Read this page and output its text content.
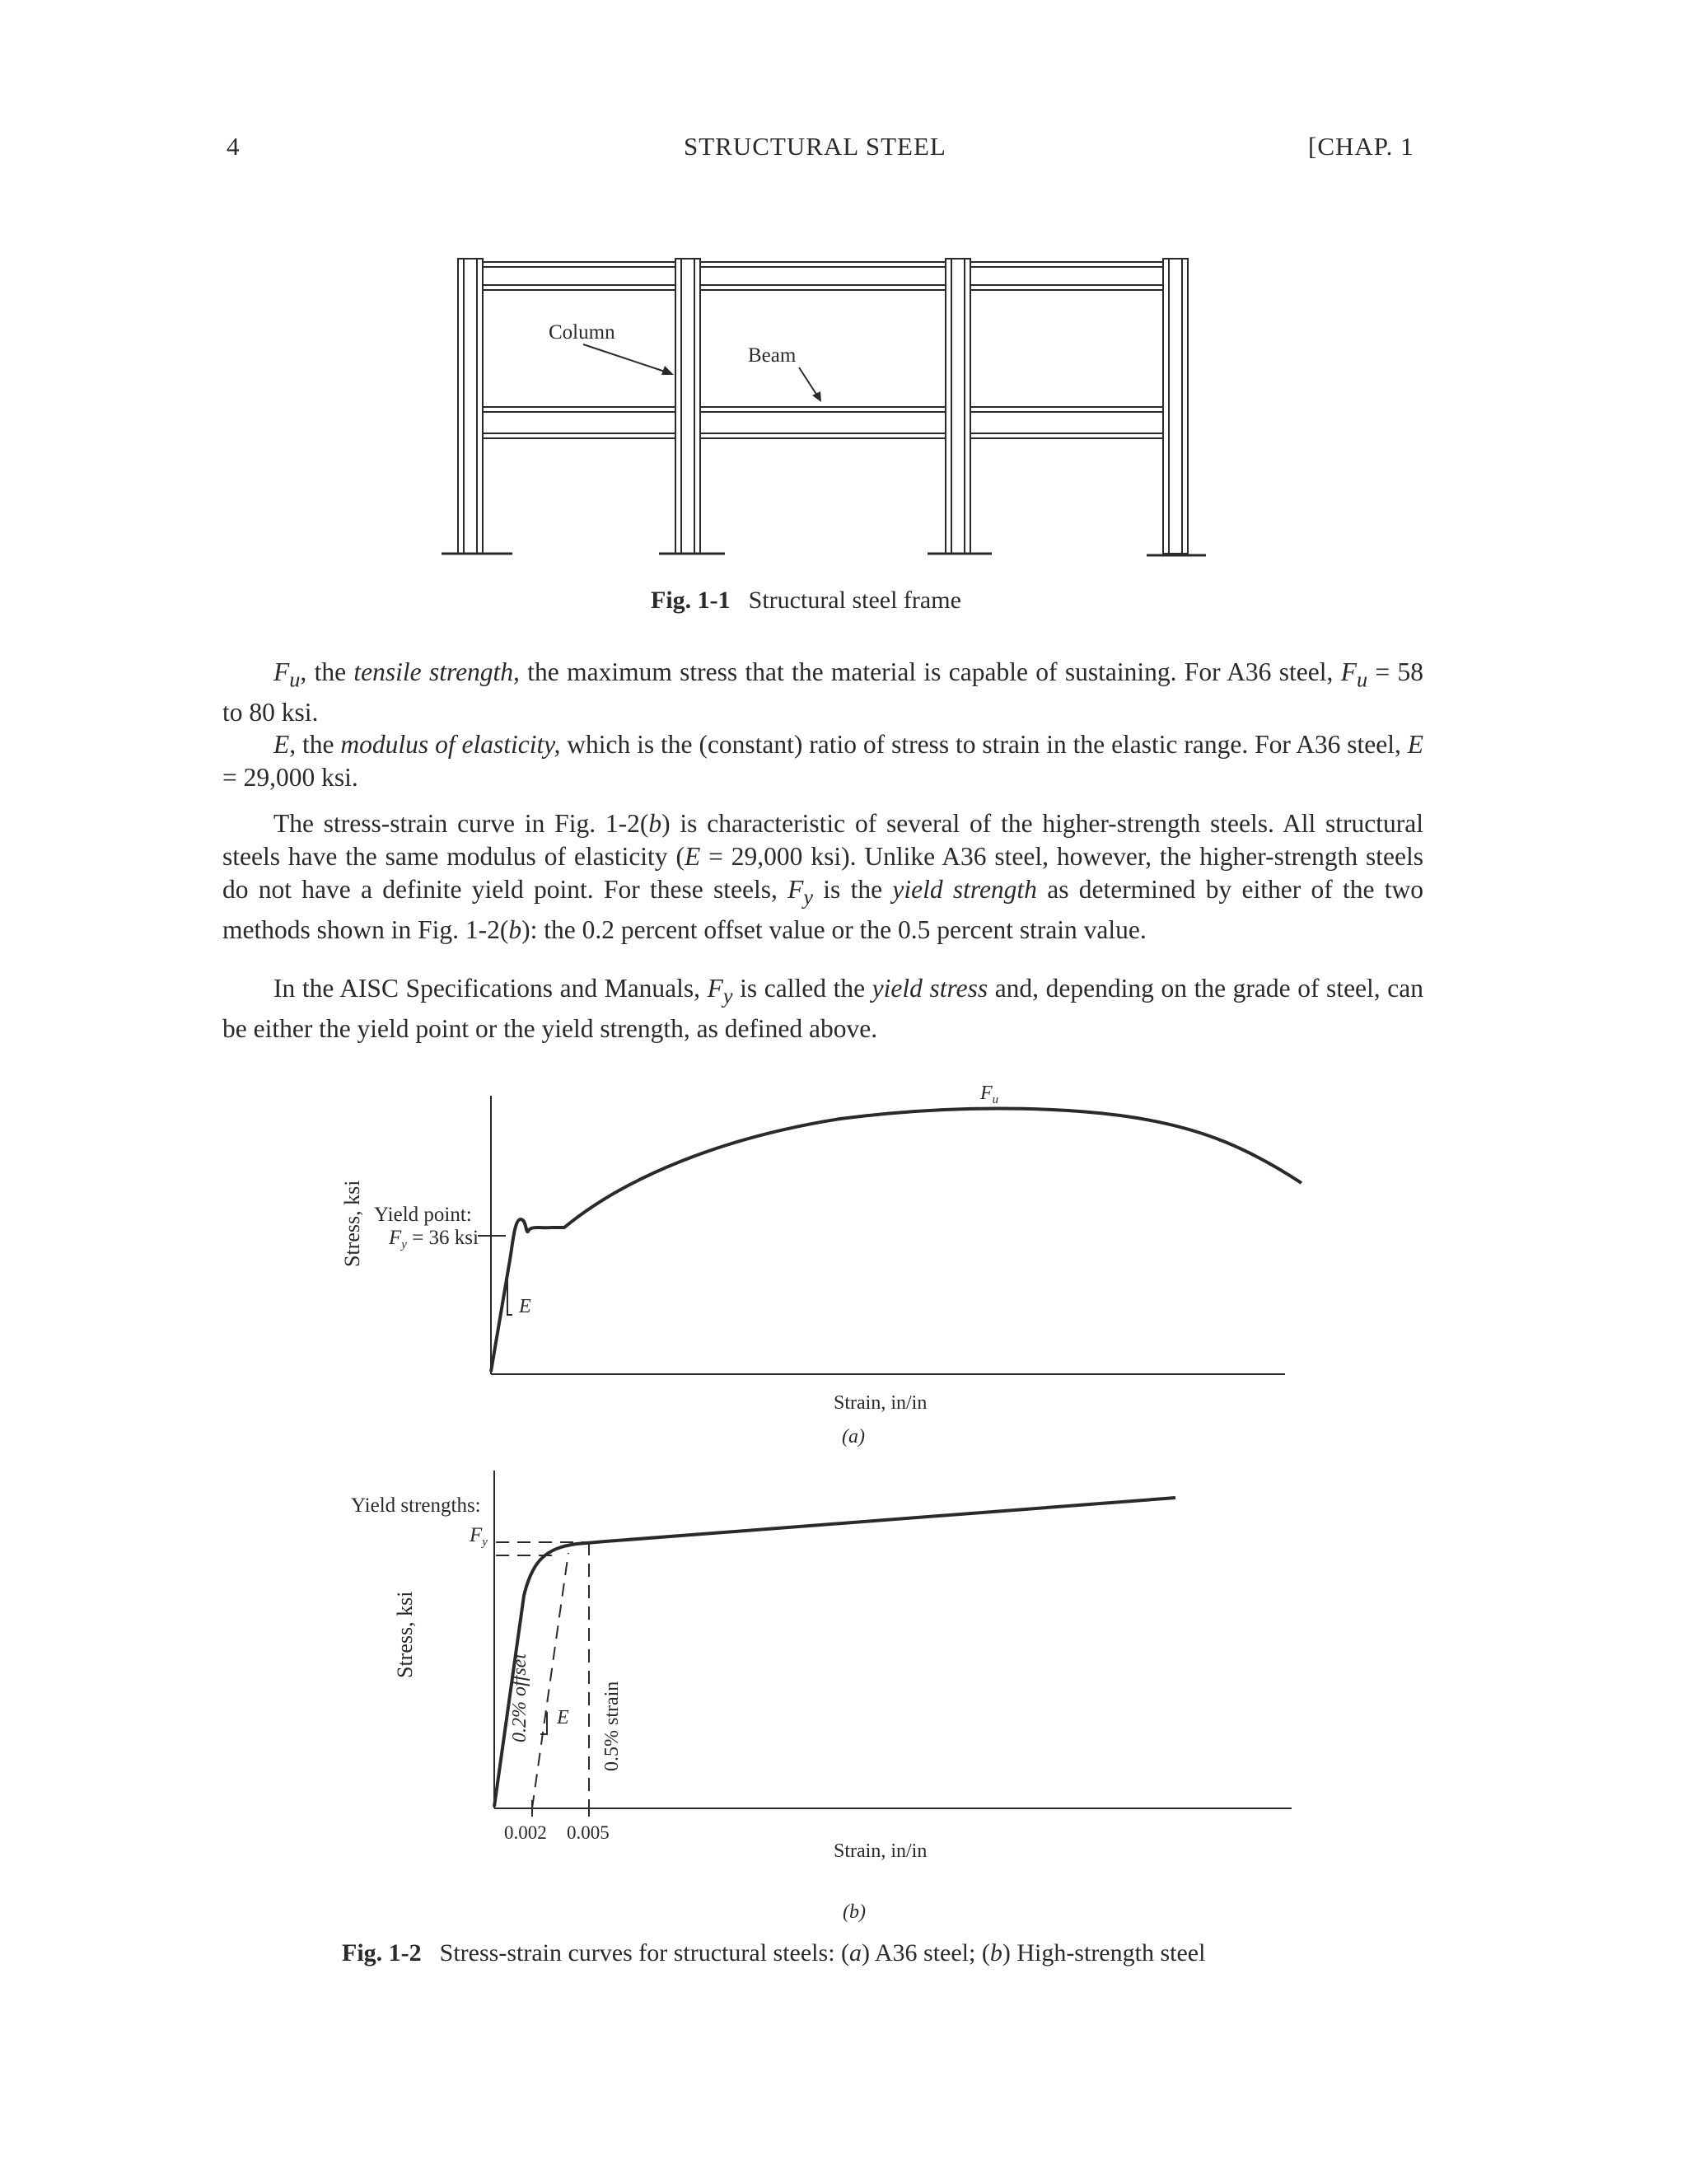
4	STRUCTURAL STEEL	[CHAP. 1
Column
Beam
Fig. 1-1 Structural steel frame

$F_u$, the tensile strength, the maximum stress that the material is capable of sustaining. For A36 steel, $F_u = 58$ to 80 ksi.

E, the modulus of elasticity, which is the (constant) ratio of stress to strain in the elastic range. For A36 steel, E = 29,000 ksi.

The stress-strain curve in Fig. 1-2(b) is characteristic of several of the higher-strength steels. All structural steels have the same modulus of elasticity (E = 29,000 ksi). Unlike A36 steel, however, the higher-strength steels do not have a definite yield point. For these steels, $F_y$ is the yield strength as determined by either of the two methods shown in Fig. 1-2(b): the 0.2 percent offset value or the 0.5 percent strain value.

In the AISC Specifications and Manuals, $F_y$ is called the yield stress and, depending on the grade of steel, can be either the yield point or the yield strength, as defined above.

$F_u$
Yield point:
$F_y = 36$ ksi
E
Stress, ksi
Strain, in/in
(a)
Yield strengths:
$F_y$
0.2% offset	0.5% strain
E
0.002 0.005
Stress, ksi
Strain, in/in
(b)
Fig. 1-2 Stress-strain curves for structural steels: (a) A36 steel; (b) High-strength steel
